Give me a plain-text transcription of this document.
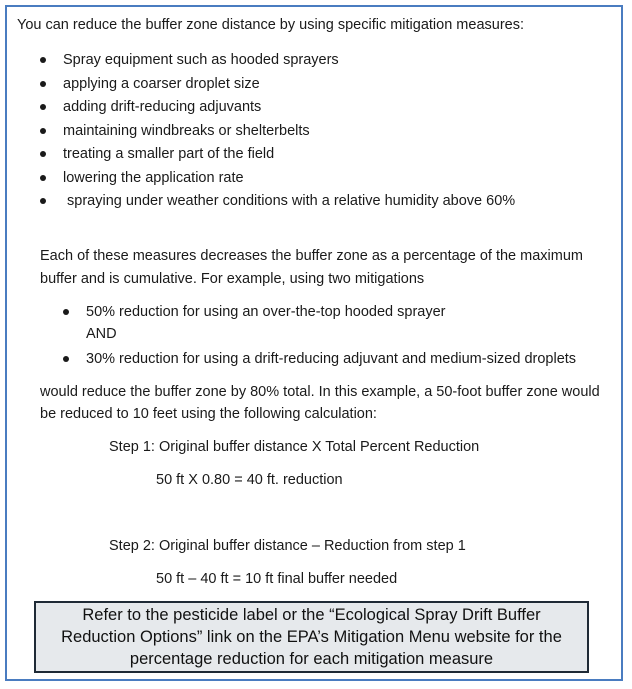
You can reduce the buffer zone distance by using specific mitigation measures:
Spray equipment such as hooded sprayers
applying a coarser droplet size
adding drift-reducing adjuvants
maintaining windbreaks or shelterbelts
treating a smaller part of the field
lowering the application rate
spraying under weather conditions with a relative humidity above 60%
Each of these measures decreases the buffer zone as a percentage of the maximum
buffer and is cumulative. For example, using two mitigations
50% reduction for using an over-the-top hooded sprayer
AND
30% reduction for using a drift-reducing adjuvant and medium-sized droplets
would reduce the buffer zone by 80% total. In this example, a 50-foot buffer zone would
be reduced to 10 feet using the following calculation:
Step 1: Original buffer distance X Total Percent Reduction
50 ft X 0.80 = 40 ft. reduction
Step 2: Original buffer distance – Reduction from step 1
50 ft – 40 ft = 10 ft final buffer needed
Refer to the pesticide label or the “Ecological Spray Drift Buffer Reduction Options” link on the EPA’s Mitigation Menu website for the percentage reduction for each mitigation measure
